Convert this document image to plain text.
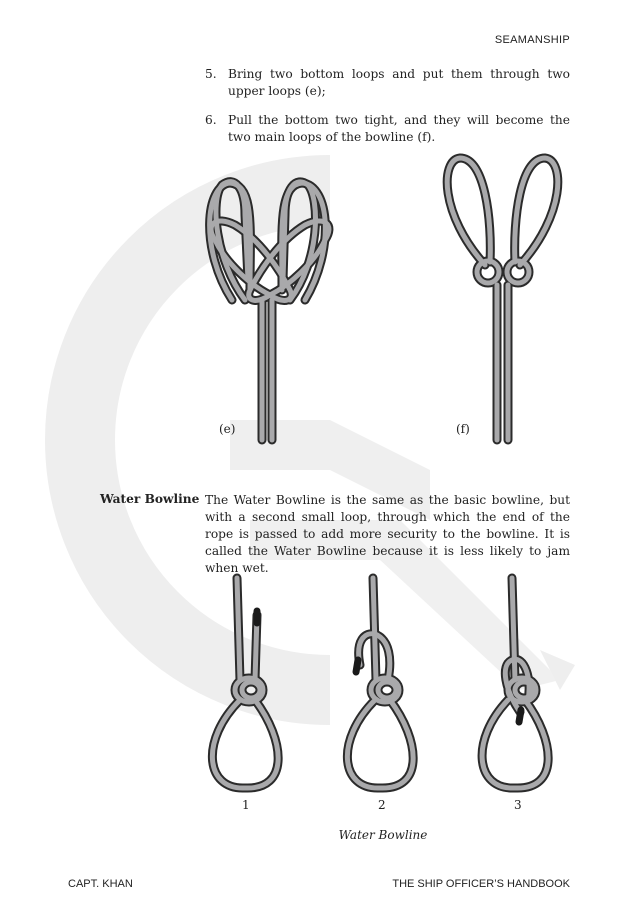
SEAMANSHIP
5. Bring two bottom loops and put them through two upper loops (e);
6. Pull the bottom two tight, and they will become the two main loops of the bowline (f).
(e)	(f)
Water Bowline The Water Bowline is the same as the basic bowline, but with a second small loop, through which the end of the rope is passed to add more security to the bowline. It is called the Water Bowline because it is less likely to jam when wet.
1	2	3
Water Bowline
CAPT. KHAN	THE SHIP OFFICER’S HANDBOOK
